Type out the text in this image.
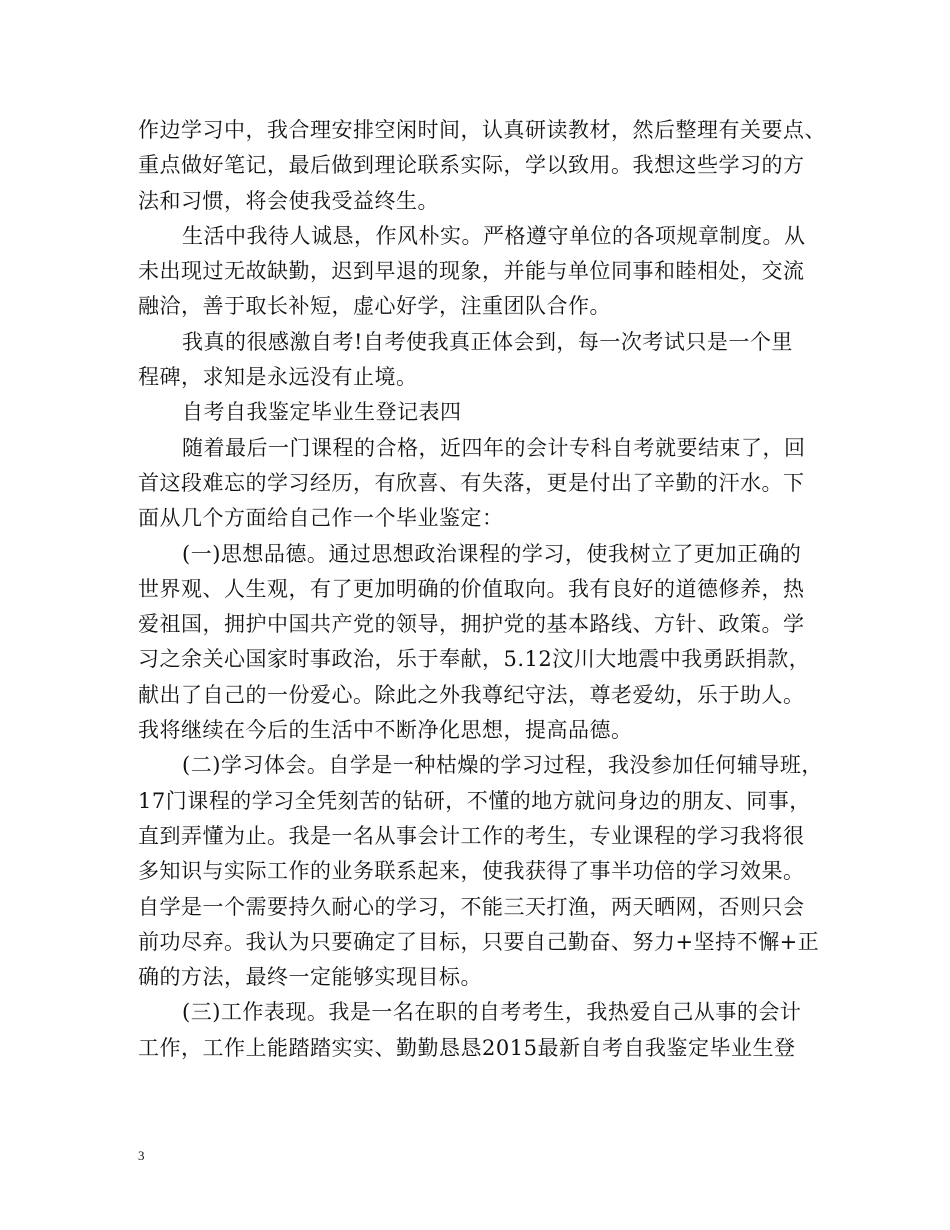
作边学习中，我合理安排空闲时间，认真研读教材，然后整理有关要点、
重点做好笔记，最后做到理论联系实际，学以致用。我想这些学习的方
法和习惯，将会使我受益终生。

生活中我待人诚恳，作风朴实。严格遵守单位的各项规章制度。从
未出现过无故缺勤，迟到早退的现象，并能与单位同事和睦相处，交流
融洽，善于取长补短，虚心好学，注重团队合作。

我真的很感激自考!自考使我真正体会到，每一次考试只是一个里
程碑，求知是永远没有止境。

自考自我鉴定毕业生登记表四

随着最后一门课程的合格，近四年的会计专科自考就要结束了，回
首这段难忘的学习经历，有欣喜、有失落，更是付出了辛勤的汗水。下
面从几个方面给自己作一个毕业鉴定：

(一)思想品德。通过思想政治课程的学习，使我树立了更加正确的
世界观、人生观，有了更加明确的价值取向。我有良好的道德修养，热
爱祖国，拥护中国共产党的领导，拥护党的基本路线、方针、政策。学
习之余关心国家时事政治，乐于奉献，5.12汶川大地震中我勇跃捐款，
献出了自己的一份爱心。除此之外我尊纪守法，尊老爱幼，乐于助人。
我将继续在今后的生活中不断净化思想，提高品德。

(二)学习体会。自学是一种枯燥的学习过程，我没参加任何辅导班，
17门课程的学习全凭刻苦的钻研，不懂的地方就问身边的朋友、同事，
直到弄懂为止。我是一名从事会计工作的考生，专业课程的学习我将很
多知识与实际工作的业务联系起来，使我获得了事半功倍的学习效果。
自学是一个需要持久耐心的学习，不能三天打渔，两天晒网，否则只会
前功尽弃。我认为只要确定了目标，只要自己勤奋、努力+坚持不懈+正
确的方法，最终一定能够实现目标。

(三)工作表现。我是一名在职的自考考生，我热爱自己从事的会计
工作，工作上能踏踏实实、勤勤恳恳2015最新自考自我鉴定毕业生登

3
